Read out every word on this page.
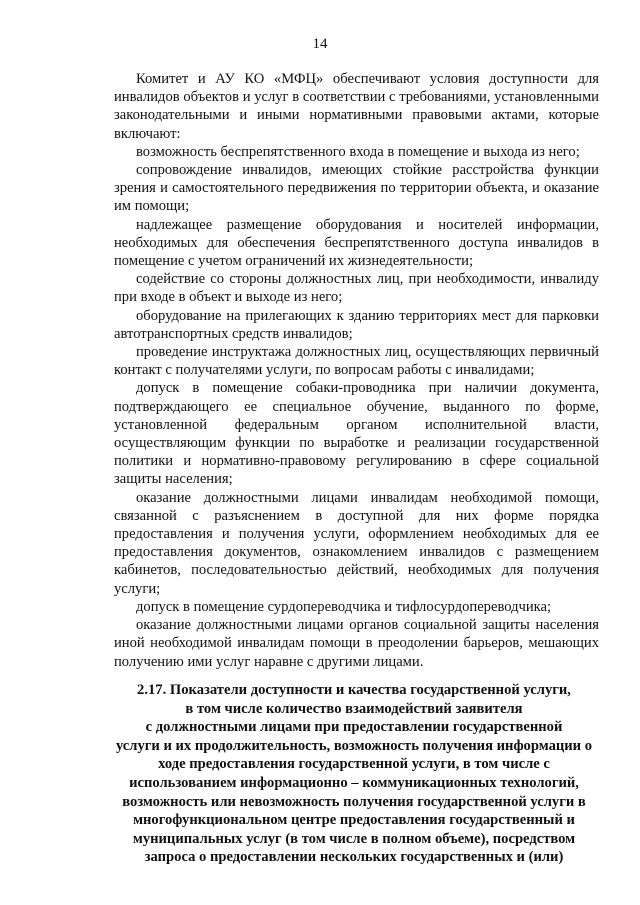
14

Комитет и АУ КО «МФЦ» обеспечивают условия доступности для инвалидов объектов и услуг в соответствии с требованиями, установленными законодательными и иными нормативными правовыми актами, которые включают:

возможность беспрепятственного входа в помещение и выхода из него;

сопровождение инвалидов, имеющих стойкие расстройства функции зрения и самостоятельного передвижения по территории объекта, и оказание им помощи;

надлежащее размещение оборудования и носителей информации, необходимых для обеспечения беспрепятственного доступа инвалидов в помещение с учетом ограничений их жизнедеятельности;

содействие со стороны должностных лиц, при необходимости, инвалиду при входе в объект и выходе из него;

оборудование на прилегающих к зданию территориях мест для парковки автотранспортных средств инвалидов;

проведение инструктажа должностных лиц, осуществляющих первичный контакт с получателями услуги, по вопросам работы с инвалидами;

допуск в помещение собаки-проводника при наличии документа, подтверждающего ее специальное обучение, выданного по форме, установленной федеральным органом исполнительной власти, осуществляющим функции по выработке и реализации государственной политики и нормативно-правовому регулированию в сфере социальной защиты населения;

оказание должностными лицами инвалидам необходимой помощи, связанной с разъяснением в доступной для них форме порядка предоставления и получения услуги, оформлением необходимых для ее предоставления документов, ознакомлением инвалидов с размещением кабинетов, последовательностью действий, необходимых для получения услуги;

допуск в помещение сурдопереводчика и тифлосурдопереводчика;

оказание должностными лицами органов социальной защиты населения иной необходимой инвалидам помощи в преодолении барьеров, мешающих получению ими услуг наравне с другими лицами.

2.17. Показатели доступности и качества государственной услуги,

в том числе количество взаимодействий заявителя

с должностными лицами при предоставлении государственной

услуги и их продолжительность, возможность получения информации о

ходе предоставления государственной услуги, в том числе с

использованием информационно – коммуникационных технологий,

возможность или невозможность получения государственной услуги в

многофункциональном центре предоставления государственный и

муниципальных услуг (в том числе в полном объеме), посредством

запроса о предоставлении нескольких государственных и (или)
